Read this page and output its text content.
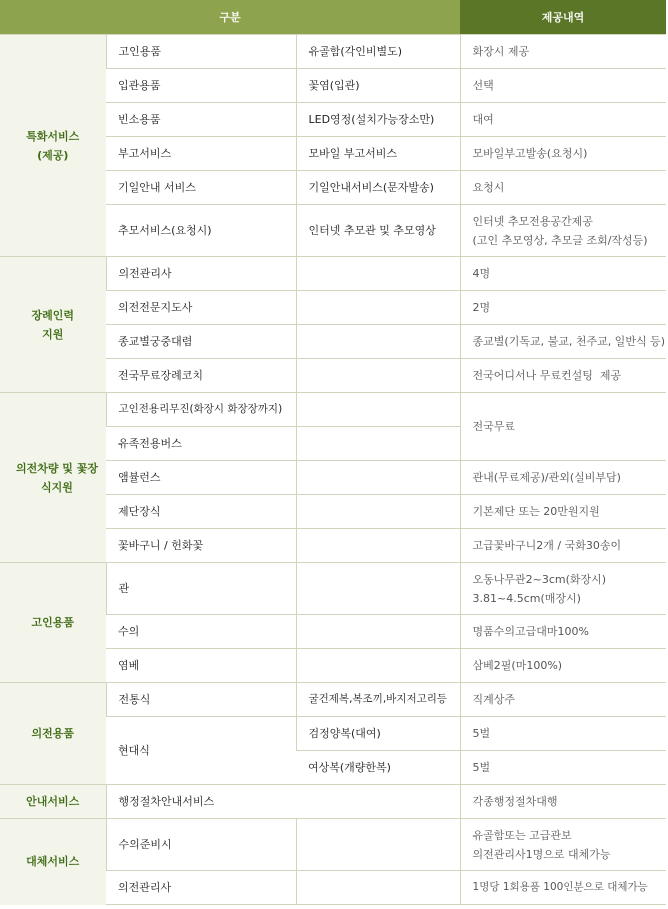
구분			제공내역
특화서비스 (제공)	고인용품	유골함(각인비별도)	화장시 제공
	입관용품	꽃염(입관)	선택
	빈소용품	LED영정(설치가능장소만)	대여
	부고서비스	모바일 부고서비스	모바일부고발송(요청시)
	기일안내 서비스	기일안내서비스(문자발송)	요청시
	추모서비스(요청시)	인터넷 추모관 및 추모영상	인터넷 추모전용공간제공
(고인 추모영상, 추모글 조회/작성등)

장례인력 지원	의전관리사		4명
	의전전문지도사		2명
	종교별궁중대렴		종교별(기독교, 불교, 천주교, 일반식 등)
	전국무료장례코치		전국어디서나 무료컨설팅  제공
의전차량 및 꽃장식지원	고인전용리무진(화장시 화장장까지)		전국무료
	유족전용버스		
	앰뷸런스		관내(무료제공)/관외(실비부담)
	제단장식		기본제단 또는 20만원지원
	꽃바구니 / 헌화꽃		고급꽃바구니2개 / 국화30송이
고인용품	관		오동나무관2~3cm(화장시)
3.81~4.5cm(매장시)

	수의		명품수의고급대마100%
	염베		삼베2필(마100%)
의전용품	전통식	굴건제복,복조끼,바지저고리등	직계상주
	현대식	검정양복(대여)	5벌
		여상복(개량한복)	5벌
안내서비스	행정절차안내서비스		각종행정절차대행
대체서비스	수의준비시		유골함또는 고급관보
의전관리사1명으로 대체가능

	의전관리사		1명당 1회용품 100인분으로 대체가능
